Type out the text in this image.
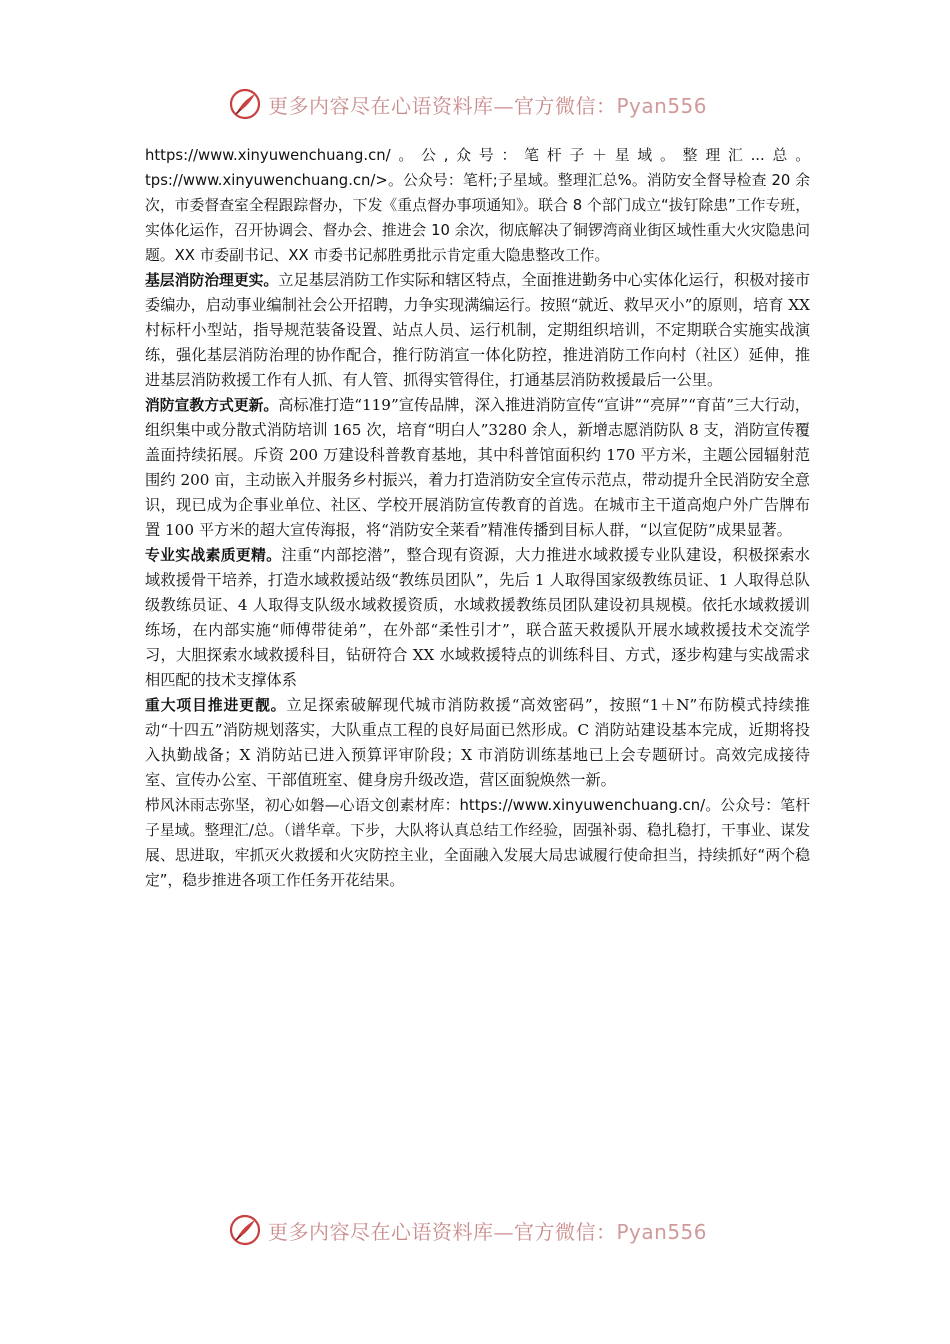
更多内容尽在心语资料库—官方微信：Pyan556

https://www.xinyuwenchuang.cn/。公,众号：笔杆子＋星域。整理汇...总。tps://www.xinyuwenchuang.cn/>。公众号：笔杆;子星域。整理汇总%。消防安全督导检查 20 余次，市委督查室全程跟踪督办，下发《重点督办事项通知》。联合 8 个部门成立“拔钉除患”工作专班，实体化运作，召开协调会、督办会、推进会 10 余次，彻底解决了铜锣湾商业街区域性重大火灾隐患问题。XX 市委副书记、XX 市委书记郝胜勇批示肯定重大隐患整改工作。

基层消防治理更实。立足基层消防工作实际和辖区特点，全面推进勤务中心实体化运行，积极对接市委编办，启动事业编制社会公开招聘，力争实现满编运行。按照“就近、救早灭小”的原则，培育 XX 村标杆小型站，指导规范装备设置、站点人员、运行机制，定期组织培训，不定期联合实施实战演练，强化基层消防治理的协作配合，推行防消宣一体化防控，推进消防工作向村（社区）延伸，推进基层消防救援工作有人抓、有人管、抓得实管得住，打通基层消防救援最后一公里。

消防宣教方式更新。高标准打造“119”宣传品牌，深入推进消防宣传“宣讲”“亮屏”“育苗”三大行动，组织集中或分散式消防培训 165 次，培育“明白人”3280 余人，新增志愿消防队 8 支，消防宣传覆盖面持续拓展。斥资 200 万建设科普教育基地，其中科普馆面积约 170 平方米，主题公园辐射范围约 200 亩，主动嵌入并服务乡村振兴，着力打造消防安全宣传示范点，带动提升全民消防安全意识，现已成为企事业单位、社区、学校开展消防宣传教育的首选。在城市主干道高炮户外广告牌布置 100 平方米的超大宣传海报，将“消防安全莱看”精准传播到目标人群，“以宣促防”成果显著。

专业实战素质更精。注重“内部挖潜”，整合现有资源，大力推进水域救援专业队建设，积极探索水域救援骨干培养，打造水域救援站级“教练员团队”，先后 1 人取得国家级教练员证、1 人取得总队级教练员证、4 人取得支队级水域救援资质，水域救援教练员团队建设初具规模。依托水域救援训练场，在内部实施“师傅带徒弟”，在外部“柔性引才”，联合蓝天救援队开展水域救援技术交流学习，大胆探索水域救援科目，钻研符合 XX 水域救援特点的训练科目、方式，逐步构建与实战需求相匹配的技术支撑体系

重大项目推进更靓。立足探索破解现代城市消防救援“高效密码”，按照“1＋N”布防模式持续推动“十四五”消防规划落实，大队重点工程的良好局面已然形成。C 消防站建设基本完成，近期将投入执勤战备；X 消防站已进入预算评审阶段；X 市消防训练基地已上会专题研讨。高效完成接待室、宣传办公室、干部值班室、健身房升级改造，营区面貌焕然一新。

栉风沐雨志弥坚，初心如磐—心语文创素材库：https://www.xinyuwenchuang.cn/。公众号：笔杆子星域。整理汇/总。（谱华章。下步，大队将认真总结工作经验，固强补弱、稳扎稳打，干事业、谋发展、思进取，牢抓灭火救援和火灾防控主业，全面融入发展大局忠诚履行使命担当，持续抓好“两个稳定”，稳步推进各项工作任务开花结果。

更多内容尽在心语资料库—官方微信：Pyan556
